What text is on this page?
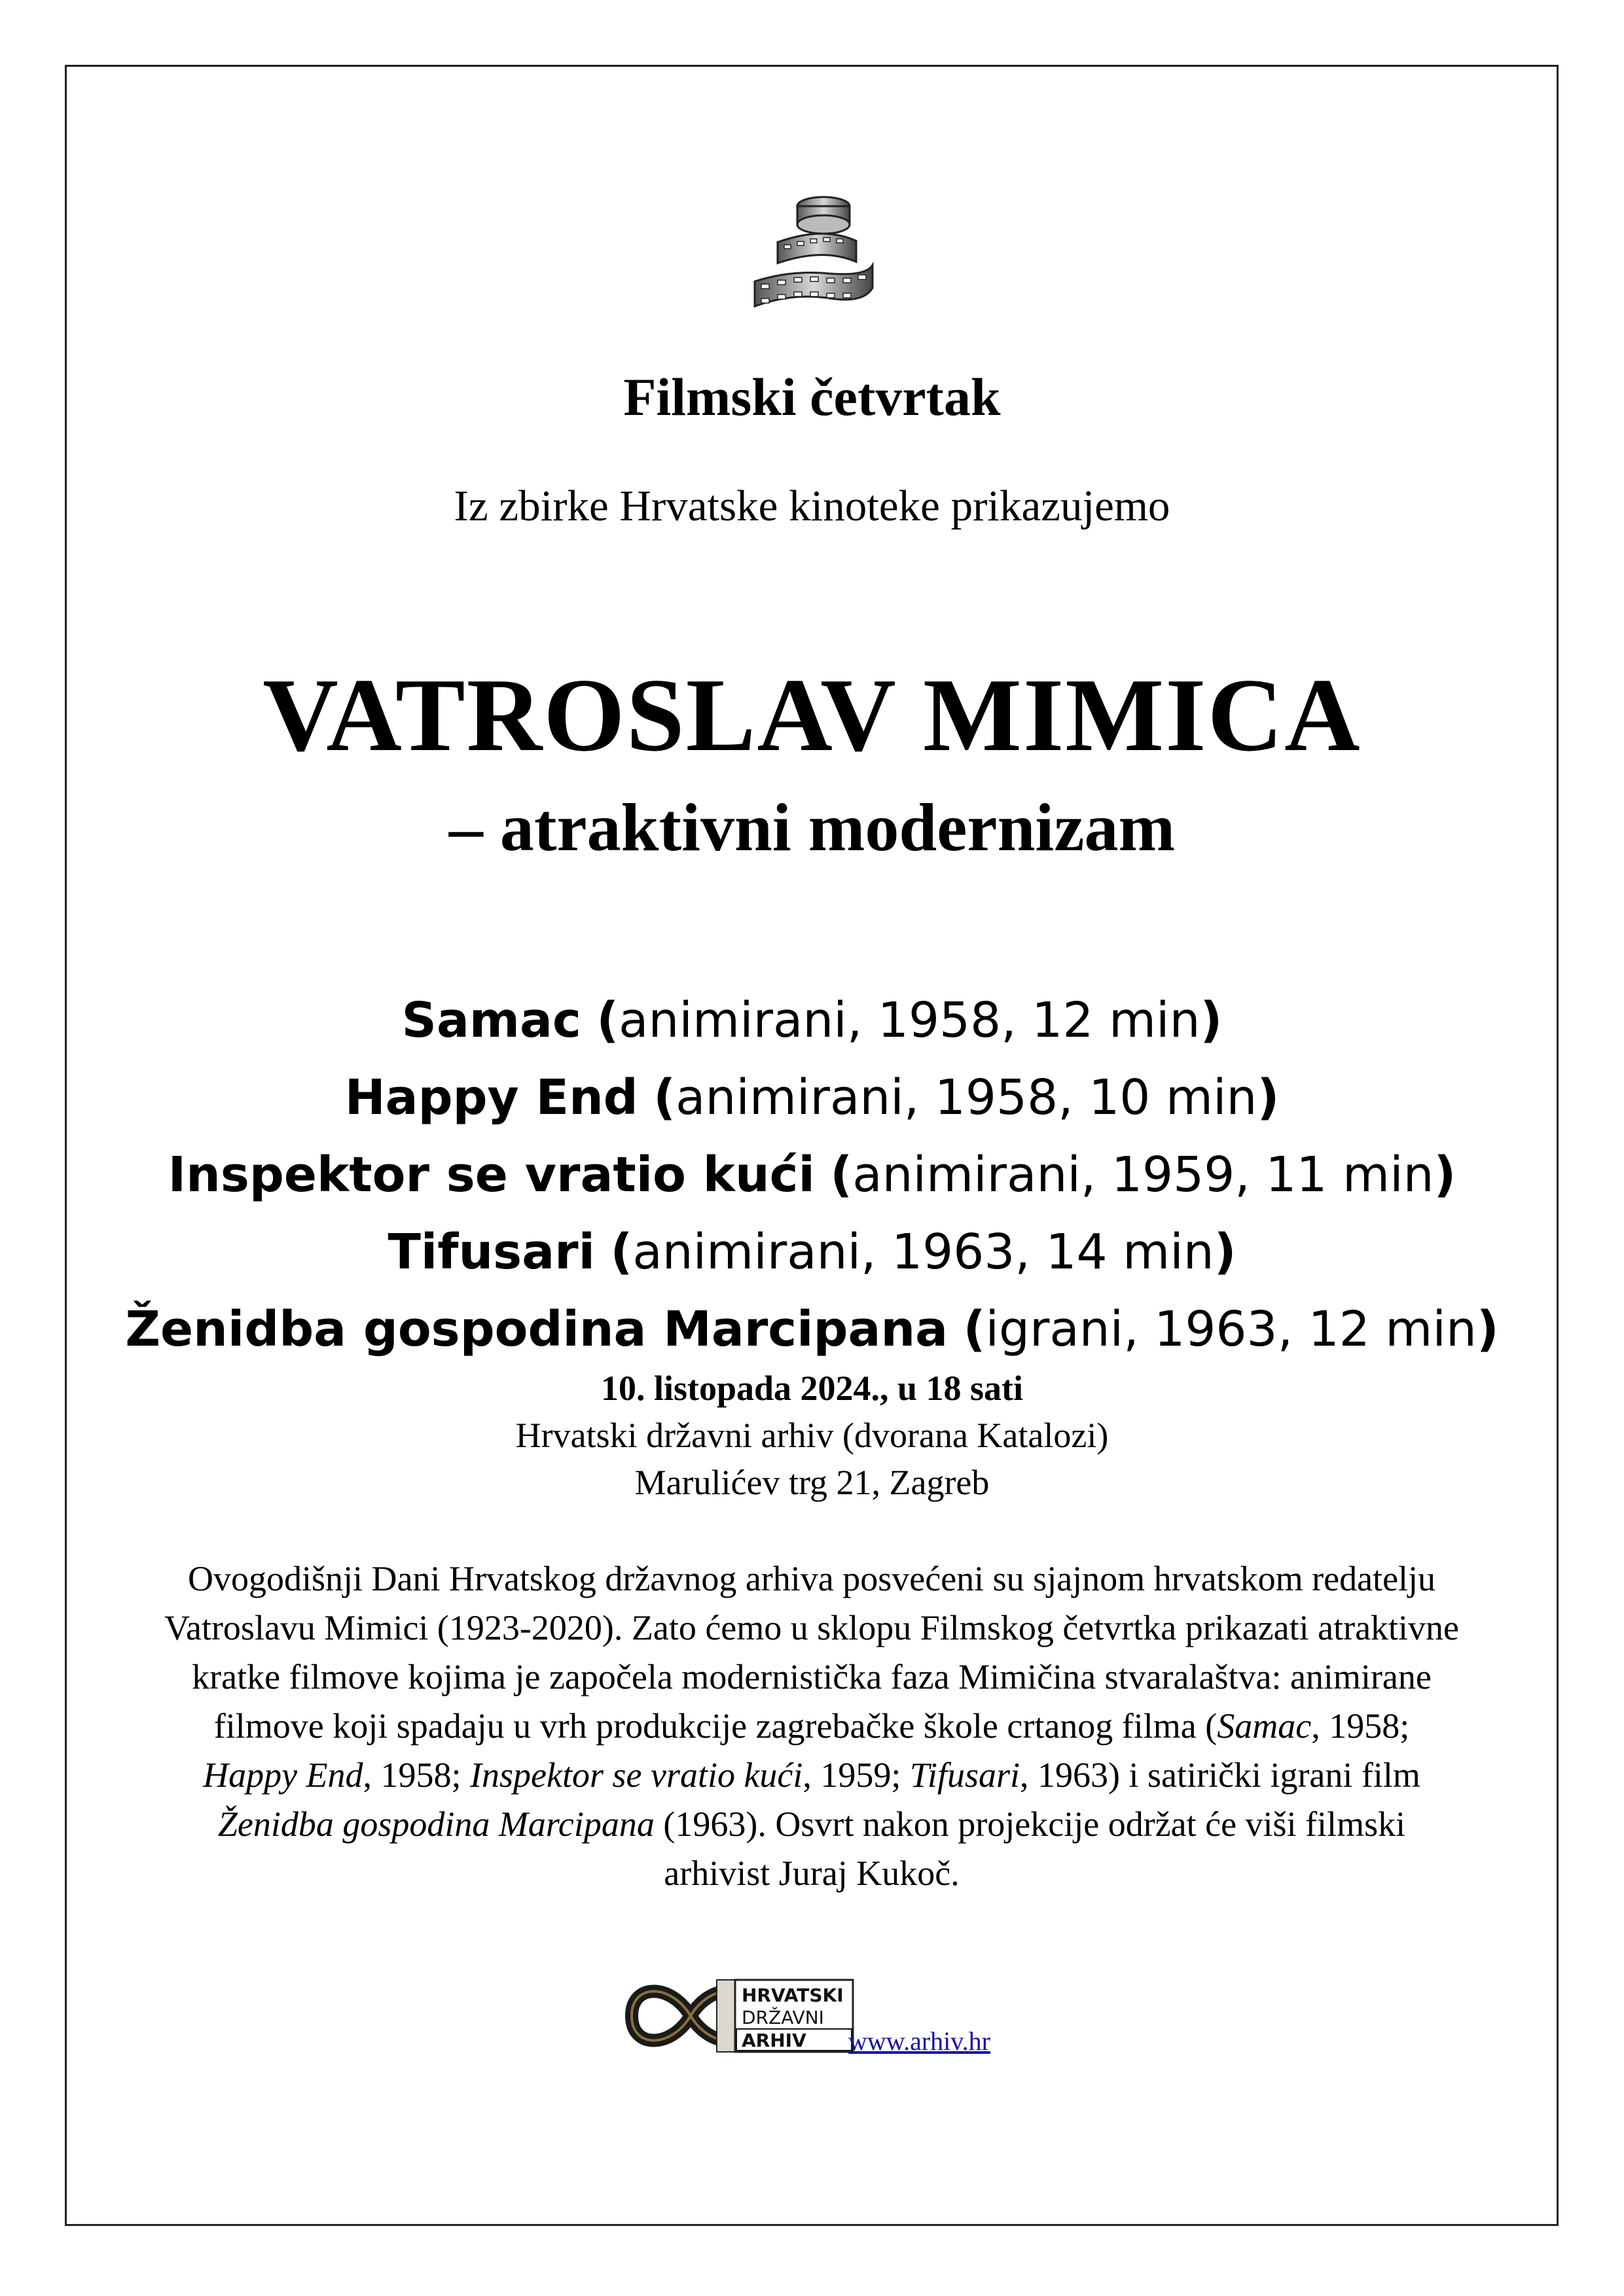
Filmski četvrtak
Iz zbirke Hrvatske kinoteke prikazujemo
VATROSLAV MIMICA
– atraktivni modernizam
Samac (animirani, 1958, 12 min)
Happy End (animirani, 1958, 10 min)
Inspektor se vratio kući (animirani, 1959, 11 min)
Tifusari (animirani, 1963, 14 min)
Ženidba gospodina Marcipana (igrani, 1963, 12 min)
10. listopada 2024., u 18 sati
Hrvatski državni arhiv (dvorana Katalozi)
Marulićev trg 21, Zagreb
Ovogodišnji Dani Hrvatskog državnog arhiva posvećeni su sjajnom hrvatskom redatelju Vatroslavu Mimici (1923-2020). Zato ćemo u sklopu Filmskog četvrtka prikazati atraktivne kratke filmove kojima je započela modernistička faza Mimičina stvaralaštva: animirane filmove koji spadaju u vrh produkcije zagrebačke škole crtanog filma (Samac, 1958; Happy End, 1958; Inspektor se vratio kući, 1959; Tifusari, 1963) i satirički igrani film Ženidba gospodina Marcipana (1963). Osvrt nakon projekcije održat će viši filmski arhivist Juraj Kukoč.
HRVATSKI
DRŽAVNI
ARHIV www.arhiv.hr
